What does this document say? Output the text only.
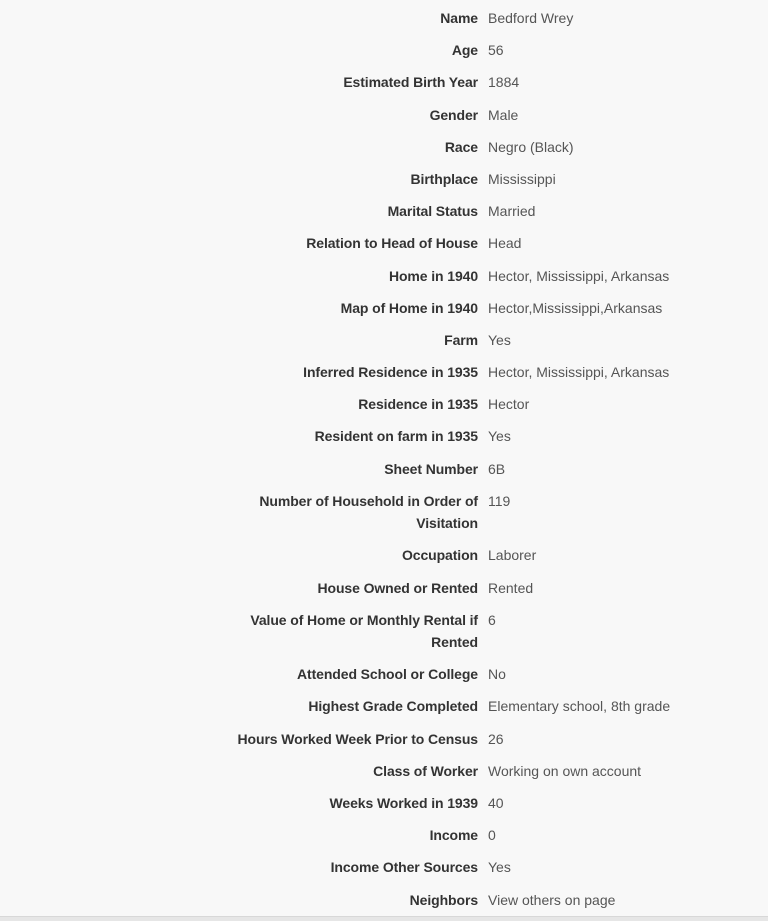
Name Bedford Wrey
Age 56
Estimated Birth Year 1884
Gender Male
Race Negro (Black)
Birthplace Mississippi
Marital Status Married
Relation to Head of House Head
Home in 1940 Hector, Mississippi, Arkansas
Map of Home in 1940 Hector,Mississippi,Arkansas
Farm Yes
Inferred Residence in 1935 Hector, Mississippi, Arkansas
Residence in 1935 Hector
Resident on farm in 1935 Yes
Sheet Number 6B
Number of Household in Order of Visitation
119
Occupation Laborer
House Owned or Rented Rented
Value of Home or Monthly Rental if Rented
6
Attended School or College No
Highest Grade Completed Elementary school, 8th grade
Hours Worked Week Prior to Census 26
Class of Worker Working on own account
Weeks Worked in 1939 40
Income 0
Income Other Sources Yes
Neighbors View others on page
